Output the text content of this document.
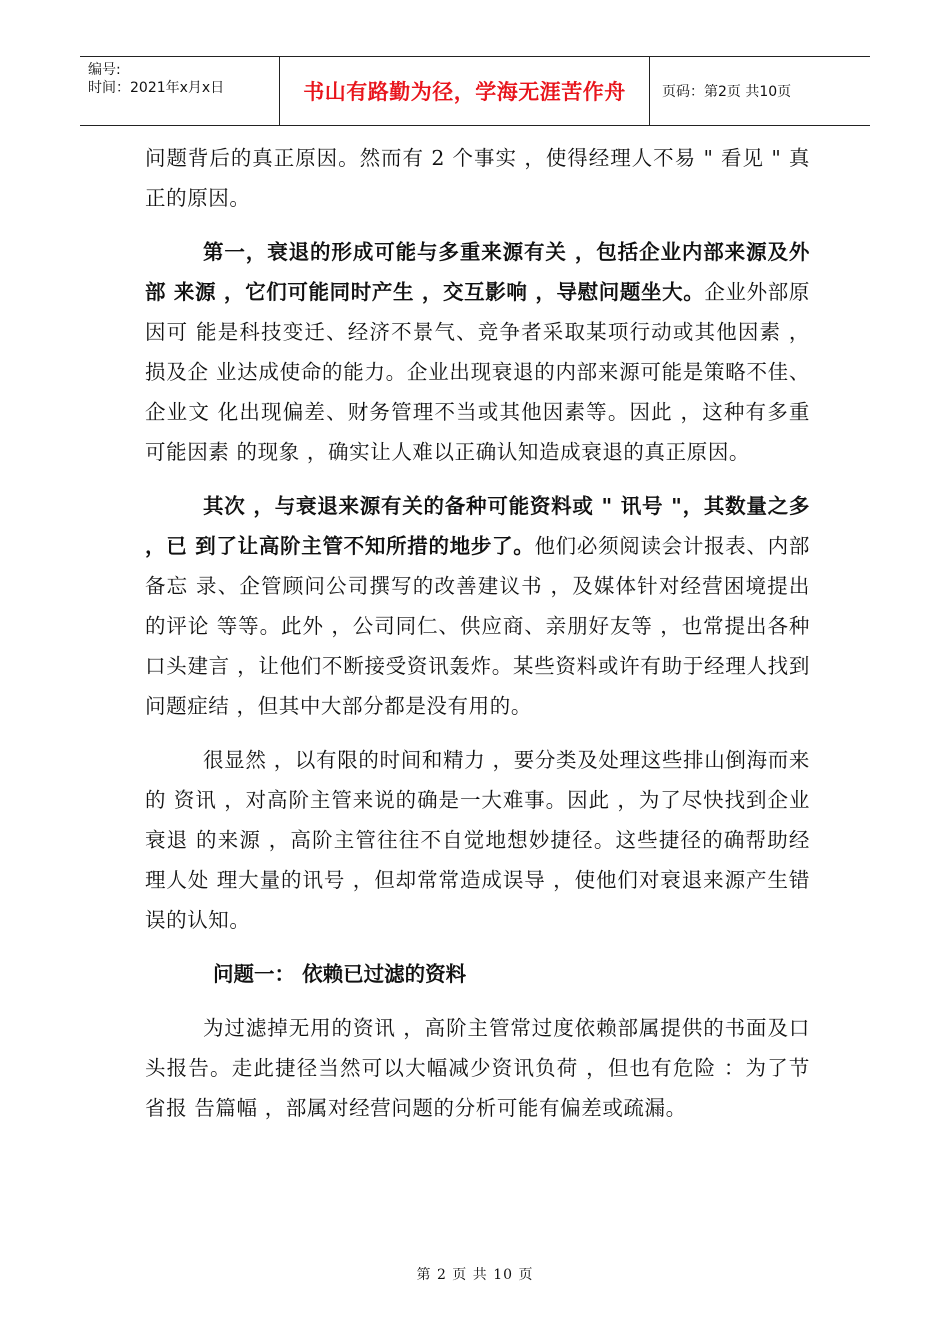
编号:
时间：2021年x月x日	书山有路勤为径，学海无涯苦作舟	页码：第2页 共10页

问题背后的真正原因。然而有 2 个事实 ，使得经理人不易 " 看见 " 真正的原因。

第一，衰退的形成可能与多重来源有关 ，包括企业内部来源及外部 来源 ，它们可能同时产生 ，交互影响 ，导慰问题坐大。企业外部原因可 能是科技变迁、经济不景气、竞争者采取某项行动或其他因素 ，损及企 业达成使命的能力。企业出现衰退的内部来源可能是策略不佳、企业文 化出现偏差、财务管理不当或其他因素等。因此 ，这种有多重可能因素 的现象 ，确实让人难以正确认知造成衰退的真正原因。

其次 ，与衰退来源有关的备种可能资料或 " 讯号 "，其数量之多 ，已 到了让高阶主管不知所措的地步了。他们必须阅读会计报表、内部备忘 录、企管顾问公司撰写的改善建议书 ，及媒体针对经营困境提出的评论 等等。此外 ，公司同仁、供应商、亲朋好友等 ，也常提出各种口头建言 ，让他们不断接受资讯轰炸。某些资料或许有助于经理人找到问题症结 ，但其中大部分都是没有用的。

很显然 ，以有限的时间和精力 ，要分类及处理这些排山倒海而来的 资讯 ，对高阶主管来说的确是一大难事。因此 ，为了尽快找到企业衰退 的来源 ，高阶主管往往不自觉地想妙捷径。这些捷径的确帮助经理人处 理大量的讯号 ，但却常常造成误导 ，使他们对衰退来源产生错误的认知。

问题一： 依赖已过滤的资料

为过滤掉无用的资讯 ，高阶主管常过度依赖部属提供的书面及口头报告。走此捷径当然可以大幅减少资讯负荷 ，但也有危险 ：为了节省报 告篇幅 ，部属对经营问题的分析可能有偏差或疏漏。

第 2 页 共 10 页
